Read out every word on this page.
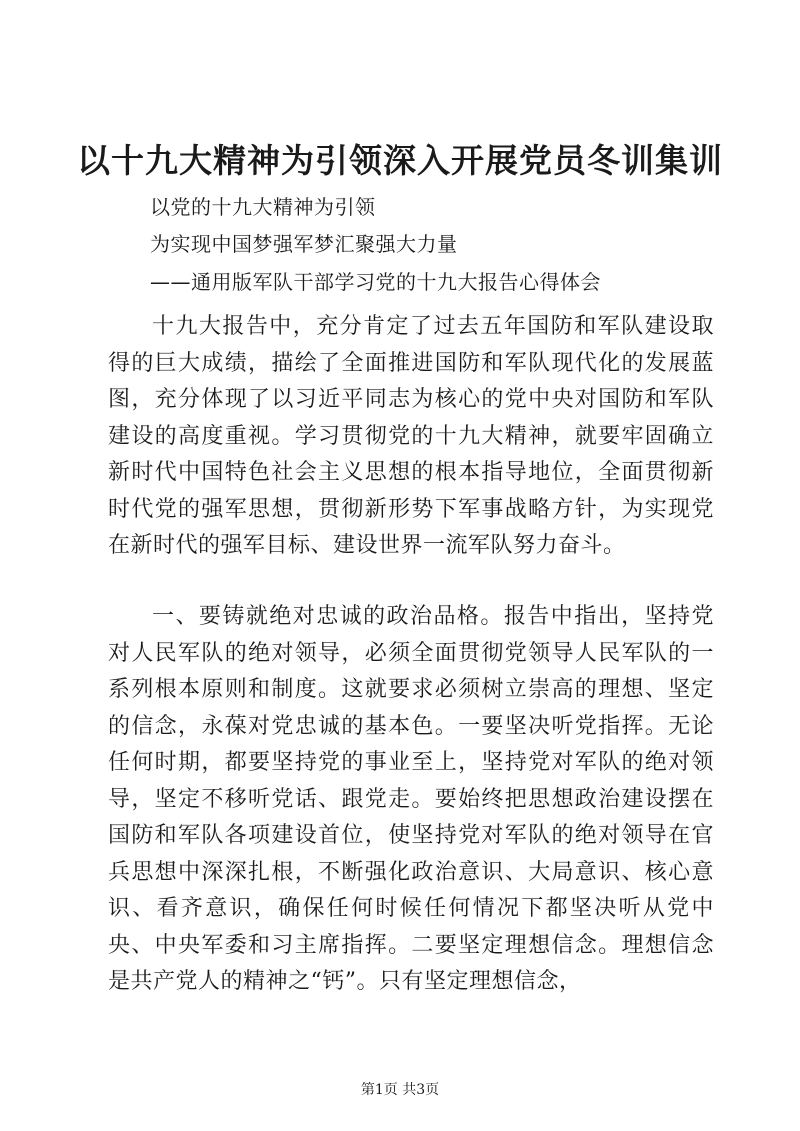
以十九大精神为引领深入开展党员冬训集训
以党的十九大精神为引领
为实现中国梦强军梦汇聚强大力量
——通用版军队干部学习党的十九大报告心得体会

十九大报告中，充分肯定了过去五年国防和军队建设取得的巨大成绩，描绘了全面推进国防和军队现代化的发展蓝图，充分体现了以习近平同志为核心的党中央对国防和军队建设的高度重视。学习贯彻党的十九大精神，就要牢固确立新时代中国特色社会主义思想的根本指导地位，全面贯彻新时代党的强军思想，贯彻新形势下军事战略方针，为实现党在新时代的强军目标、建设世界一流军队努力奋斗。

一、要铸就绝对忠诚的政治品格。报告中指出，坚持党对人民军队的绝对领导，必须全面贯彻党领导人民军队的一系列根本原则和制度。这就要求必须树立崇高的理想、坚定的信念，永葆对党忠诚的基本色。一要坚决听党指挥。无论任何时期，都要坚持党的事业至上，坚持党对军队的绝对领导，坚定不移听党话、跟党走。要始终把思想政治建设摆在国防和军队各项建设首位，使坚持党对军队的绝对领导在官兵思想中深深扎根，不断强化政治意识、大局意识、核心意识、看齐意识，确保任何时候任何情况下都坚决听从党中央、中央军委和习主席指挥。二要坚定理想信念。理想信念是共产党人的精神之“钙”。只有坚定理想信念，

第1页 共3页
